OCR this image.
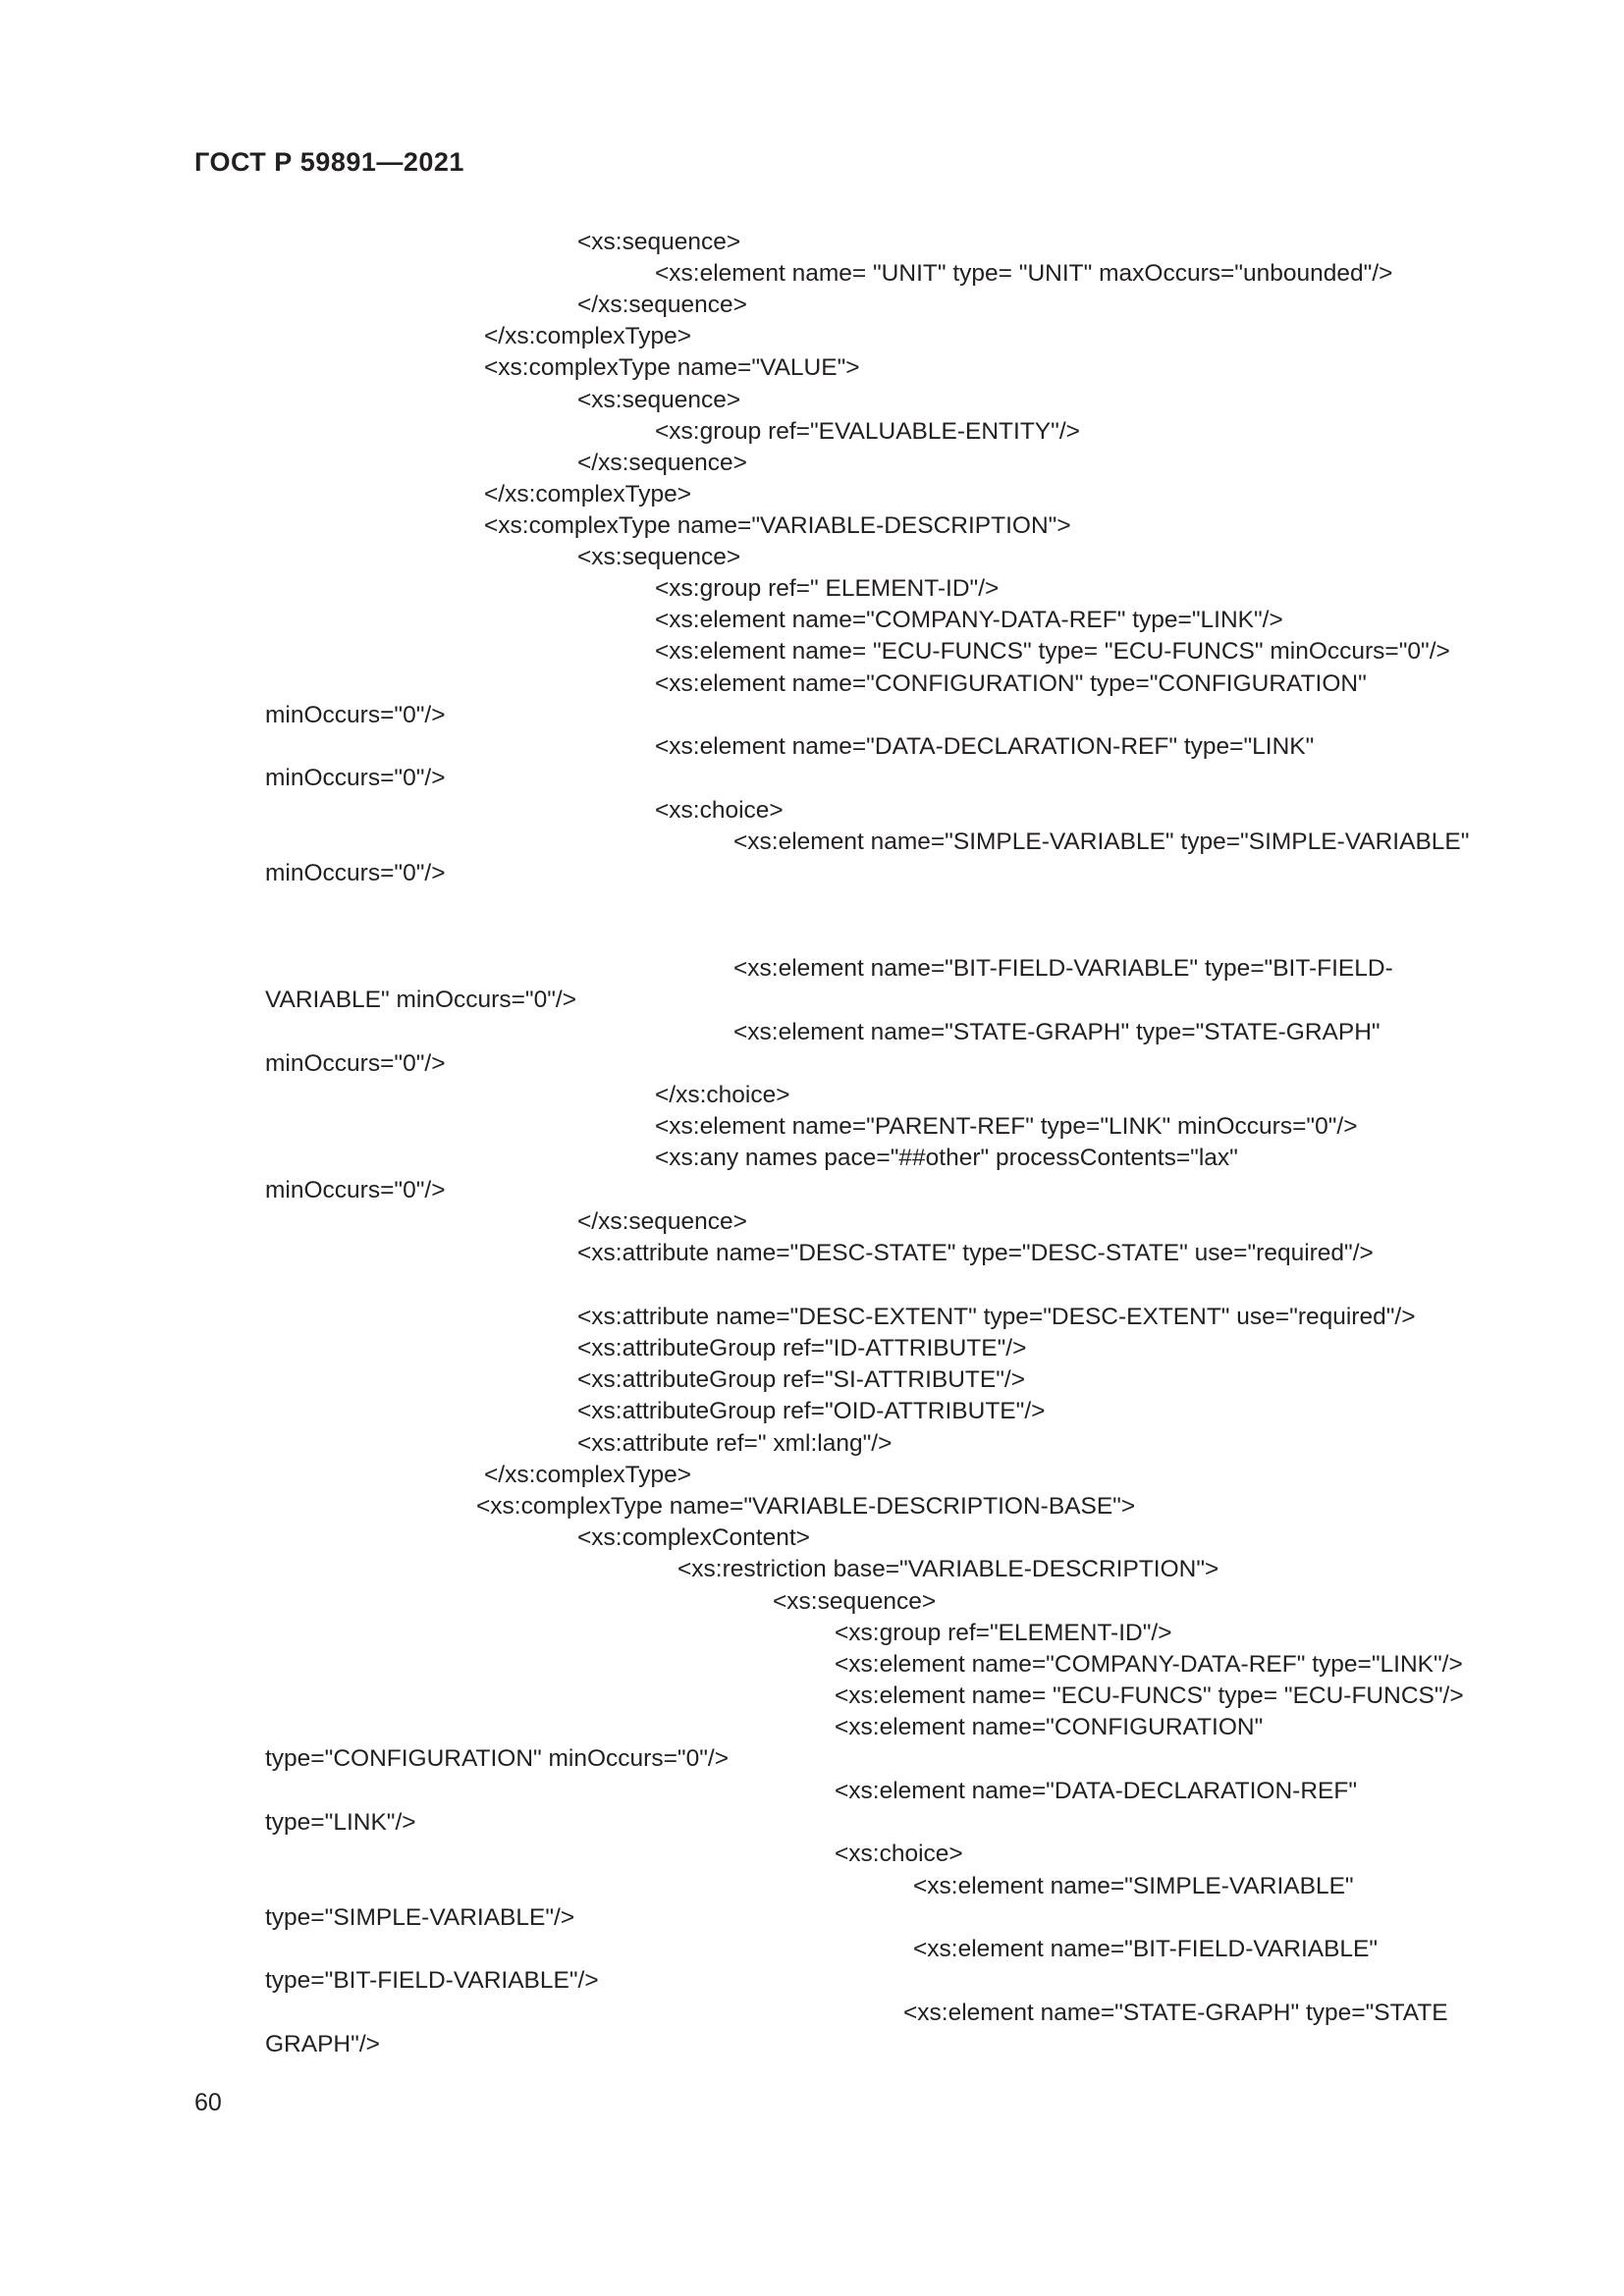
ГОСТ Р 59891—2021
<xs:sequence>
<xs:element name= "UNIT" type= "UNIT" maxOccurs="unbounded"/>
</xs:sequence>
</xs:complexType>
<xs:complexType name="VALUE">
<xs:sequence>
<xs:group ref="EVALUABLE-ENTITY"/>
</xs:sequence>
</xs:complexType>
<xs:complexType name="VARIABLE-DESCRIPTION">
<xs:sequence>
<xs:group ref=" ELEMENT-ID"/>
<xs:element name="COMPANY-DATA-REF" type="LINK"/>
<xs:element name= "ECU-FUNCS" type= "ECU-FUNCS" minOccurs="0"/>
<xs:element name="CONFIGURATION" type="CONFIGURATION"
minOccurs="0"/>
<xs:element name="DATA-DECLARATION-REF" type="LINK"
minOccurs="0"/>
<xs:choice>
<xs:element name="SIMPLE-VARIABLE" type="SIMPLE-VARIABLE"
minOccurs="0"/>
<xs:element name="BIT-FIELD-VARIABLE" type="BIT-FIELD-
VARIABLE" minOccurs="0"/>
<xs:element name="STATE-GRAPH" type="STATE-GRAPH"
minOccurs="0"/>
</xs:choice>
<xs:element name="PARENT-REF" type="LINK" minOccurs="0"/>
<xs:any names pace="##other" processContents="lax"
minOccurs="0"/>
</xs:sequence>
<xs:attribute name="DESC-STATE" type="DESC-STATE" use="required"/>
<xs:attribute name="DESC-EXTENT" type="DESC-EXTENT" use="required"/>
<xs:attributeGroup ref="ID-ATTRIBUTE"/>
<xs:attributeGroup ref="SI-ATTRIBUTE"/>
<xs:attributeGroup ref="OID-ATTRIBUTE"/>
<xs:attribute ref=" xml:lang"/>
</xs:complexType>
<xs:complexType name="VARIABLE-DESCRIPTION-BASE">
<xs:complexContent>
<xs:restriction base="VARIABLE-DESCRIPTION">
<xs:sequence>
<xs:group ref="ELEMENT-ID"/>
<xs:element name="COMPANY-DATA-REF" type="LINK"/>
<xs:element name= "ECU-FUNCS" type= "ECU-FUNCS"/>
<xs:element name="CONFIGURATION"
type="CONFIGURATION" minOccurs="0"/>
<xs:element name="DATA-DECLARATION-REF"
type="LINK"/>
<xs:choice>
<xs:element name="SIMPLE-VARIABLE"
type="SIMPLE-VARIABLE"/>
<xs:element name="BIT-FIELD-VARIABLE"
type="BIT-FIELD-VARIABLE"/>
<xs:element name="STATE-GRAPH" type="STATE
GRAPH"/>
60
